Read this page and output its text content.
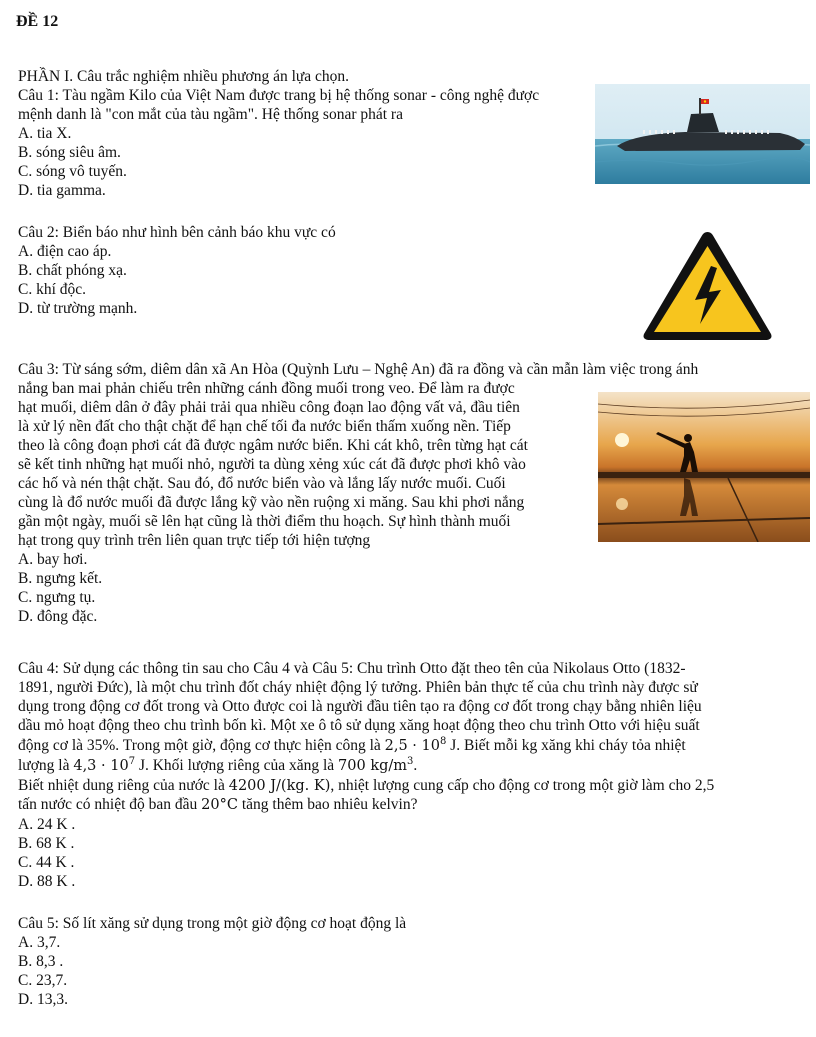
ĐỀ 12
PHẦN I. Câu trắc nghiệm nhiều phương án lựa chọn.
Câu 1: Tàu ngầm Kilo của Việt Nam được trang bị hệ thống sonar - công nghệ được
mệnh danh là "con mắt của tàu ngầm". Hệ thống sonar phát ra
A. tia X.
B. sóng siêu âm.
C. sóng vô tuyến.
D. tia gamma.
Câu 2: Biển báo như hình bên cảnh báo khu vực có
A. điện cao áp.
B. chất phóng xạ.
C. khí độc.
D. từ trường mạnh.
Câu 3: Từ sáng sớm, diêm dân xã An Hòa (Quỳnh Lưu – Nghệ An) đã ra đồng và cần mẫn làm việc trong ánh
nắng ban mai phản chiếu trên những cánh đồng muối trong veo. Để làm ra được
hạt muối, diêm dân ở đây phải trải qua nhiều công đoạn lao động vất vả, đầu tiên
là xử lý nền đất cho thật chặt để hạn chế tối đa nước biển thấm xuống nền. Tiếp
theo là công đoạn phơi cát đã được ngâm nước biển. Khi cát khô, trên từng hạt cát
sẽ kết tinh những hạt muối nhỏ, người ta dùng xẻng xúc cát đã được phơi khô vào
các hố và nén thật chặt. Sau đó, đổ nước biển vào và lắng lấy nước muối. Cuối
cùng là đổ nước muối đã được lắng kỹ vào nền ruộng xi măng. Sau khi phơi nắng
gần một ngày, muối sẽ lên hạt cũng là thời điểm thu hoạch. Sự hình thành muối
hạt trong quy trình trên liên quan trực tiếp tới hiện tượng
A. bay hơi.
B. ngưng kết.
C. ngưng tụ.
D. đông đặc.
Câu 4: Sử dụng các thông tin sau cho Câu 4 và Câu 5: Chu trình Otto đặt theo tên của Nikolaus Otto (1832-
1891, người Đức), là một chu trình đốt cháy nhiệt động lý tưởng. Phiên bản thực tế của chu trình này được sử
dụng trong động cơ đốt trong và Otto được coi là người đầu tiên tạo ra động cơ đốt trong chạy bằng nhiên liệu
dầu mỏ hoạt động theo chu trình bốn kì. Một xe ô tô sử dụng xăng hoạt động theo chu trình Otto với hiệu suất
động cơ là 35%. Trong một giờ, động cơ thực hiện công là $2,5 \cdot 10^8$ J. Biết mỗi kg xăng khi cháy tỏa nhiệt
lượng là $4,3 \cdot 10^7$ J. Khối lượng riêng của xăng là 700 $kg/m^3$.
Biết nhiệt dung riêng của nước là 4200 J/(kg. K), nhiệt lượng cung cấp cho động cơ trong một giờ làm cho 2,5
tấn nước có nhiệt độ ban đầu 20°C tăng thêm bao nhiêu kelvin?
A. 24 K .
B. 68 K .
C. 44 K .
D. 88 K .
Câu 5: Số lít xăng sử dụng trong một giờ động cơ hoạt động là
A. 3,7.
B. 8,3 .
C. 23,7.
D. 13,3.
